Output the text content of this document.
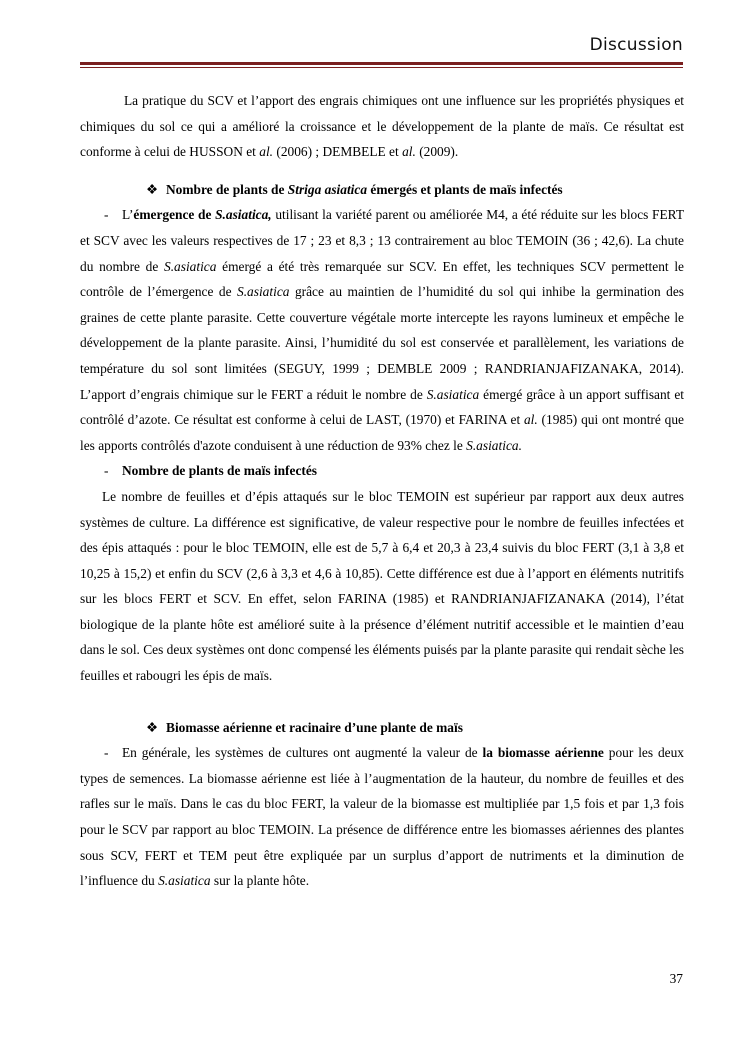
Discussion

La pratique du SCV et l’apport des engrais chimiques ont une influence sur les propriétés physiques et chimiques du sol ce qui a amélioré la croissance et le développement de la plante de maïs. Ce résultat est conforme à celui de HUSSON et al. (2006) ; DEMBELE et al. (2009).

❖ Nombre de plants de Striga asiatica émergés et plants de maïs infectés

- L’émergence de S.asiatica, utilisant la variété parent ou améliorée M4, a été réduite sur les blocs FERT et SCV avec les valeurs respectives de 17 ; 23 et 8,3 ; 13 contrairement au bloc TEMOIN (36 ; 42,6). La chute du nombre de S.asiatica émergé a été très remarquée sur SCV. En effet, les techniques SCV permettent le contrôle de l’émergence de S.asiatica grâce au maintien de l’humidité du sol qui inhibe la germination des graines de cette plante parasite. Cette couverture végétale morte intercepte les rayons lumineux et empêche le développement de la plante parasite. Ainsi, l’humidité du sol est conservée et parallèlement, les variations de température du sol sont limitées (SEGUY, 1999 ; DEMBLE 2009 ; RANDRIANJAFIZANAKA, 2014). L’apport d’engrais chimique sur le FERT a réduit le nombre de S.asiatica émergé grâce à un apport suffisant et contrôlé d’azote. Ce résultat est conforme à celui de LAST, (1970) et FARINA et al. (1985) qui ont montré que les apports contrôlés d'azote conduisent à une réduction de 93% chez le S.asiatica.

- Nombre de plants de maïs infectés

Le nombre de feuilles et d’épis attaqués sur le bloc TEMOIN est supérieur par rapport aux deux autres systèmes de culture. La différence est significative, de valeur respective pour le nombre de feuilles infectées et des épis attaqués : pour le bloc TEMOIN, elle est de 5,7 à 6,4 et 20,3 à 23,4 suivis du bloc FERT (3,1 à 3,8 et 10,25 à 15,2) et enfin du SCV (2,6 à 3,3 et 4,6 à 10,85). Cette différence est due à l’apport en éléments nutritifs sur les blocs FERT et SCV. En effet, selon FARINA (1985) et RANDRIANJAFIZANAKA (2014), l’état biologique de la plante hôte est amélioré suite à la présence d’élément nutritif accessible et le maintien d’eau dans le sol. Ces deux systèmes ont donc compensé les éléments puisés par la plante parasite qui rendait sèche les feuilles et rabougri les épis de maïs.

❖ Biomasse aérienne et racinaire d’une plante de maïs

- En générale, les systèmes de cultures ont augmenté la valeur de la biomasse aérienne pour les deux types de semences. La biomasse aérienne est liée à l’augmentation de la hauteur, du nombre de feuilles et des rafles sur le maïs. Dans le cas du bloc FERT, la valeur de la biomasse est multipliée par 1,5 fois et par 1,3 fois pour le SCV par rapport au bloc TEMOIN. La présence de différence entre les biomasses aériennes des plantes sous SCV, FERT et TEM peut être expliquée par un surplus d’apport de nutriments et la diminution de l’influence du S.asiatica sur la plante hôte.

37
